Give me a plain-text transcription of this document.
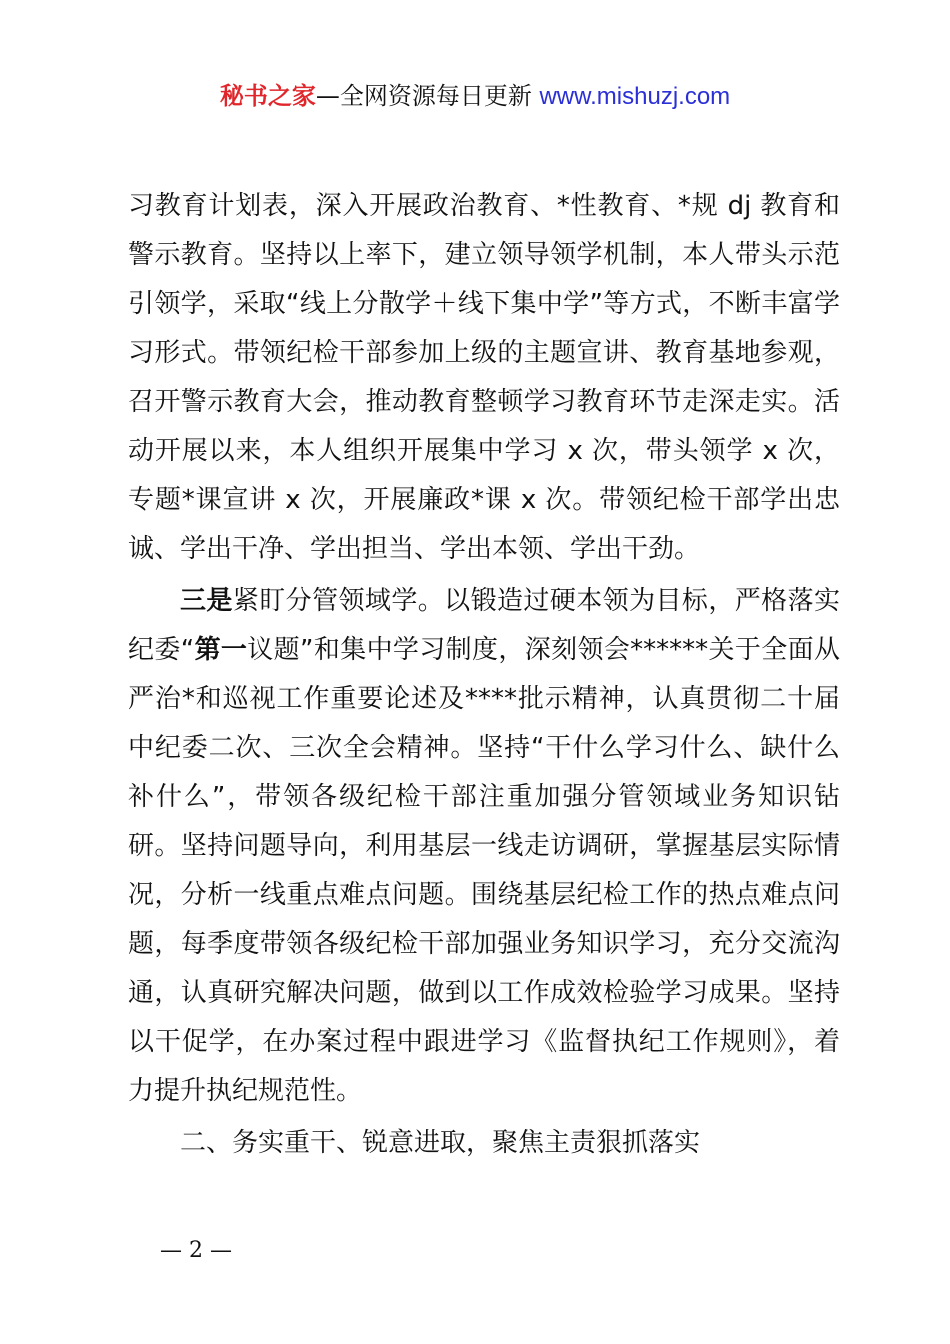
秘书之家—全网资源每日更新 www.mishuzj.com

习教育计划表，深入开展政治教育、*性教育、*规 dj 教育和警示教育。坚持以上率下，建立领导领学机制，本人带头示范引领学，采取“线上分散学＋线下集中学”等方式，不断丰富学习形式。带领纪检干部参加上级的主题宣讲、教育基地参观，召开警示教育大会，推动教育整顿学习教育环节走深走实。活动开展以来，本人组织开展集中学习 x 次，带头领学 x 次，专题*课宣讲 x 次，开展廉政*课 x 次。带领纪检干部学出忠诚、学出干净、学出担当、学出本领、学出干劲。

三是紧盯分管领域学。以锻造过硬本领为目标，严格落实纪委“第一议题”和集中学习制度，深刻领会******关于全面从严治*和巡视工作重要论述及****批示精神，认真贯彻二十届中纪委二次、三次全会精神。坚持“干什么学习什么、缺什么补什么”，带领各级纪检干部注重加强分管领域业务知识钻研。坚持问题导向，利用基层一线走访调研，掌握基层实际情况，分析一线重点难点问题。围绕基层纪检工作的热点难点问题，每季度带领各级纪检干部加强业务知识学习，充分交流沟通，认真研究解决问题，做到以工作成效检验学习成果。坚持以干促学，在办案过程中跟进学习《监督执纪工作规则》，着力提升执纪规范性。

二、务实重干、锐意进取，聚焦主责狠抓落实

— 2 —
